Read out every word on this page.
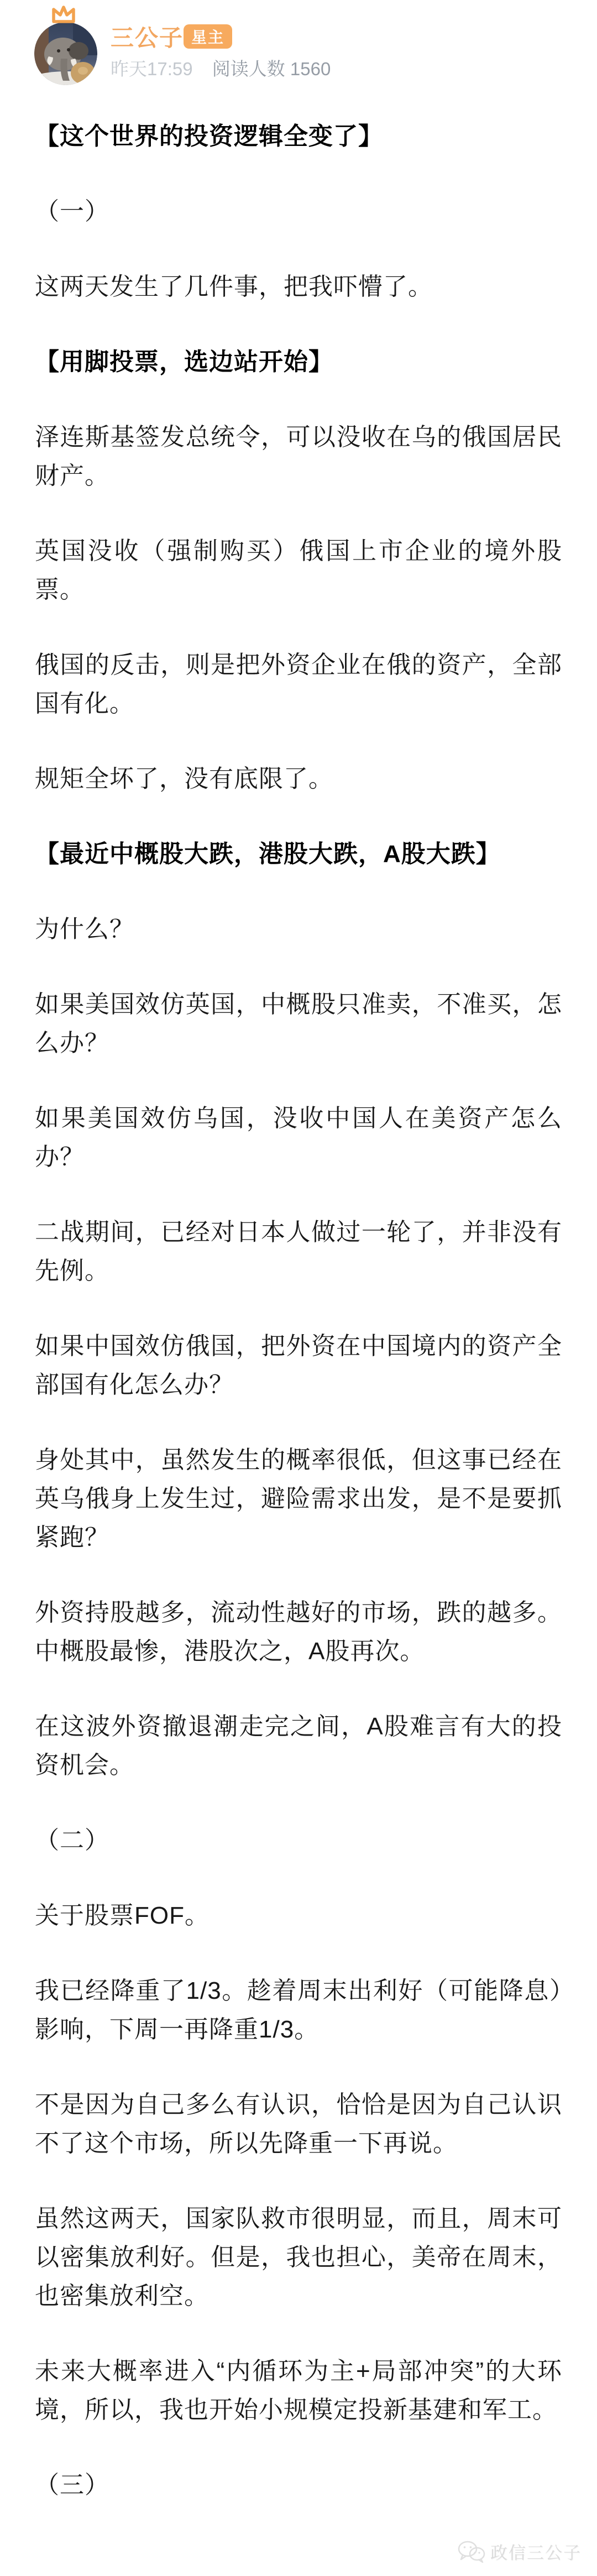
三公子 星主
昨天17:59 阅读人数 1560

【这个世界的投资逻辑全变了】

（一）

这两天发生了几件事，把我吓懵了。

【用脚投票，选边站开始】

泽连斯基签发总统令，可以没收在乌的俄国居民财产。

英国没收（强制购买）俄国上市企业的境外股票。

俄国的反击，则是把外资企业在俄的资产，全部国有化。

规矩全坏了，没有底限了。

【最近中概股大跌，港股大跌，A股大跌】

为什么？

如果美国效仿英国，中概股只准卖，不准买，怎么办？

如果美国效仿乌国，没收中国人在美资产怎么办？

二战期间，已经对日本人做过一轮了，并非没有先例。

如果中国效仿俄国，把外资在中国境内的资产全部国有化怎么办？

身处其中，虽然发生的概率很低，但这事已经在英乌俄身上发生过，避险需求出发，是不是要抓紧跑？

外资持股越多，流动性越好的市场，跌的越多。中概股最惨，港股次之，A股再次。

在这波外资撤退潮走完之间，A股难言有大的投资机会。

（二）

关于股票FOF。

我已经降重了1/3。趁着周末出利好（可能降息）影响，下周一再降重1/3。

不是因为自己多么有认识，恰恰是因为自己认识不了这个市场，所以先降重一下再说。

虽然这两天，国家队救市很明显，而且，周末可以密集放利好。但是，我也担心，美帝在周末，也密集放利空。

未来大概率进入“内循环为主+局部冲突”的大环境，所以，我也开始小规模定投新基建和军工。

（三）

政信三公子
